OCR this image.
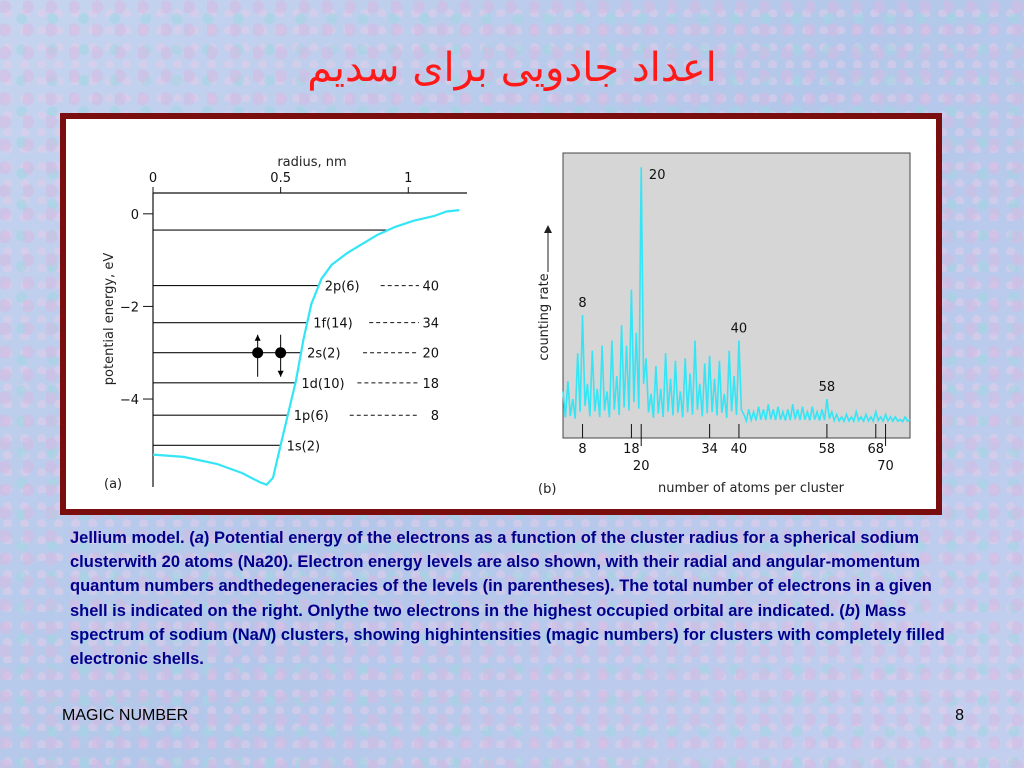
اعداد جادویی برای سدیم
radius, nm
0	0.5	1
0
−2
−4
potential energy, eV	2p(6)	40
1f(14)	34
2s(2)	20
1d(10)	18
1p(6)	8
1s(2)
(a)
8	18
20
34 40	58 68
70
8
20
40
58
number of atoms per cluster
counting rate
(b)
Jellium model. (a) Potential energy of the electrons as a function of the cluster radius for a spherical sodium clusterwith 20 atoms (Na20). Electron energy levels are also shown, with their radial and angular-momentum quantum numbers andthedegeneracies of the levels (in parentheses). The total number of electrons in a given shell is indicated on the right. Onlythe two electrons in the highest occupied orbital are indicated. (b) Mass spectrum of sodium (NaN) clusters, showing highintensities (magic numbers) for clusters with completely filled electronic shells.
MAGIC NUMBER	8
